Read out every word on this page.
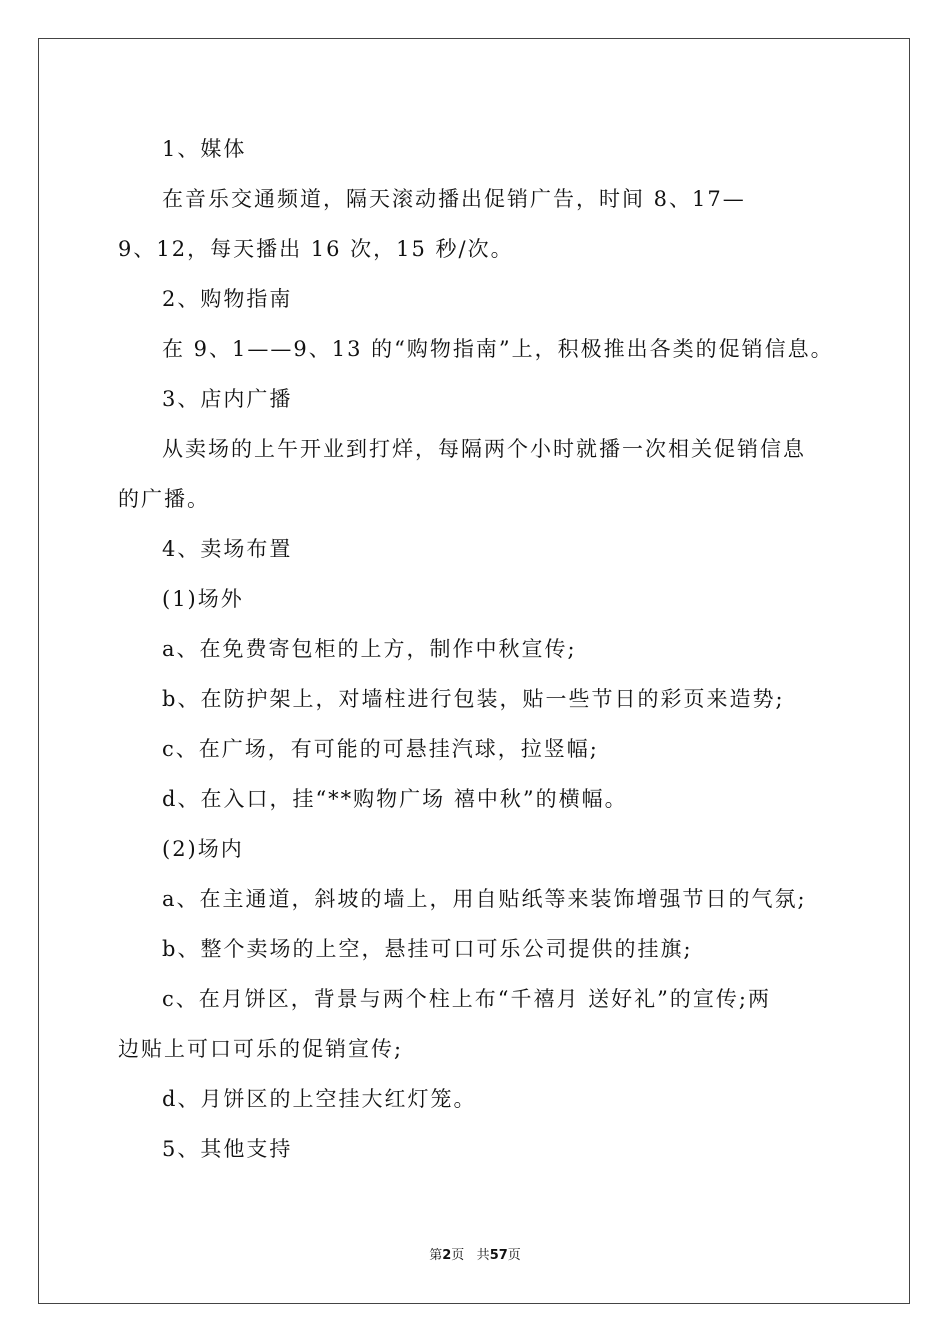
1、媒体
在音乐交通频道，隔天滚动播出促销广告，时间 8、17—
9、12，每天播出 16 次，15 秒/次。
2、购物指南
在 9、1——9、13 的“购物指南”上，积极推出各类的促销信息。
3、店内广播
从卖场的上午开业到打烊，每隔两个小时就播一次相关促销信息
的广播。
4、卖场布置
(1)场外
a、在免费寄包柜的上方，制作中秋宣传;
b、在防护架上，对墙柱进行包装，贴一些节日的彩页来造势;
c、在广场，有可能的可悬挂汽球，拉竖幅;
d、在入口，挂“**购物广场 禧中秋”的横幅。
(2)场内
a、在主通道，斜坡的墙上，用自贴纸等来装饰增强节日的气氛;
b、整个卖场的上空，悬挂可口可乐公司提供的挂旗;
c、在月饼区，背景与两个柱上布“千禧月 送好礼”的宣传;两
边贴上可口可乐的促销宣传;
d、月饼区的上空挂大红灯笼。
5、其他支持
第2页 共57页
